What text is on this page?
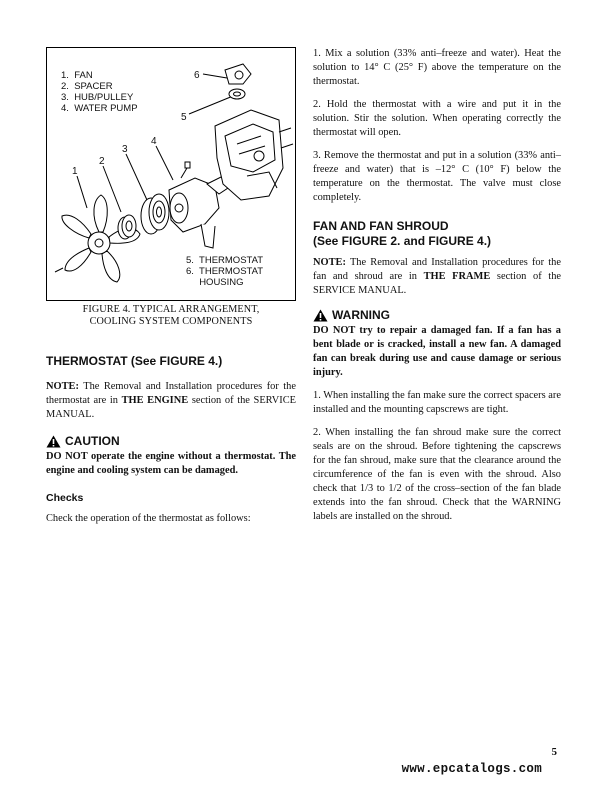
1.  FAN
2.  SPACER
3.  HUB/PULLEY
4.  WATER PUMP
5.  THERMOSTAT
6.  THERMOSTAT
HOUSING
1
2
3
4
5
6
FIGURE 4. TYPICAL ARRANGEMENT,
COOLING SYSTEM COMPONENTS
THERMOSTAT (See FIGURE 4.)

NOTE: The Removal and Installation procedures for the thermostat are in THE ENGINE section of the SERVICE MANUAL.

CAUTION

DO NOT operate the engine without a thermostat. The engine and cooling system can be damaged.

Checks

Check the operation of the thermostat as follows:

1. Mix a solution (33% anti–freeze and water). Heat the solution to 14° C (25° F) above the temperature on the thermostat.

2. Hold the thermostat with a wire and put it in the solution. Stir the solution. When operating correctly the thermostat will open.

3. Remove the thermostat and put in a solution (33% anti–freeze and water) that is –12° C (10° F) below the temperature on the thermostat. The valve must close completely.

FAN AND FAN SHROUD
(See FIGURE 2. and FIGURE 4.)

NOTE: The Removal and Installation procedures for the fan and shroud are in THE FRAME section of the SERVICE MANUAL.

WARNING

DO NOT try to repair a damaged fan. If a fan has a bent blade or is cracked, install a new fan. A damaged fan can break during use and cause damage or serious injury.

1. When installing the fan make sure the correct spacers are installed and the mounting capscrews are tight.

2. When installing the fan shroud make sure the correct seals are on the shroud. Before tightening the capscrews for the fan shroud, make sure that the clearance around the circumference of the fan is even with the shroud. Also check that 1/3 to 1/2 of the cross–section of the fan blade extends into the fan shroud. Check that the WARNING labels are installed on the shroud.

5
www.epcatalogs.com
